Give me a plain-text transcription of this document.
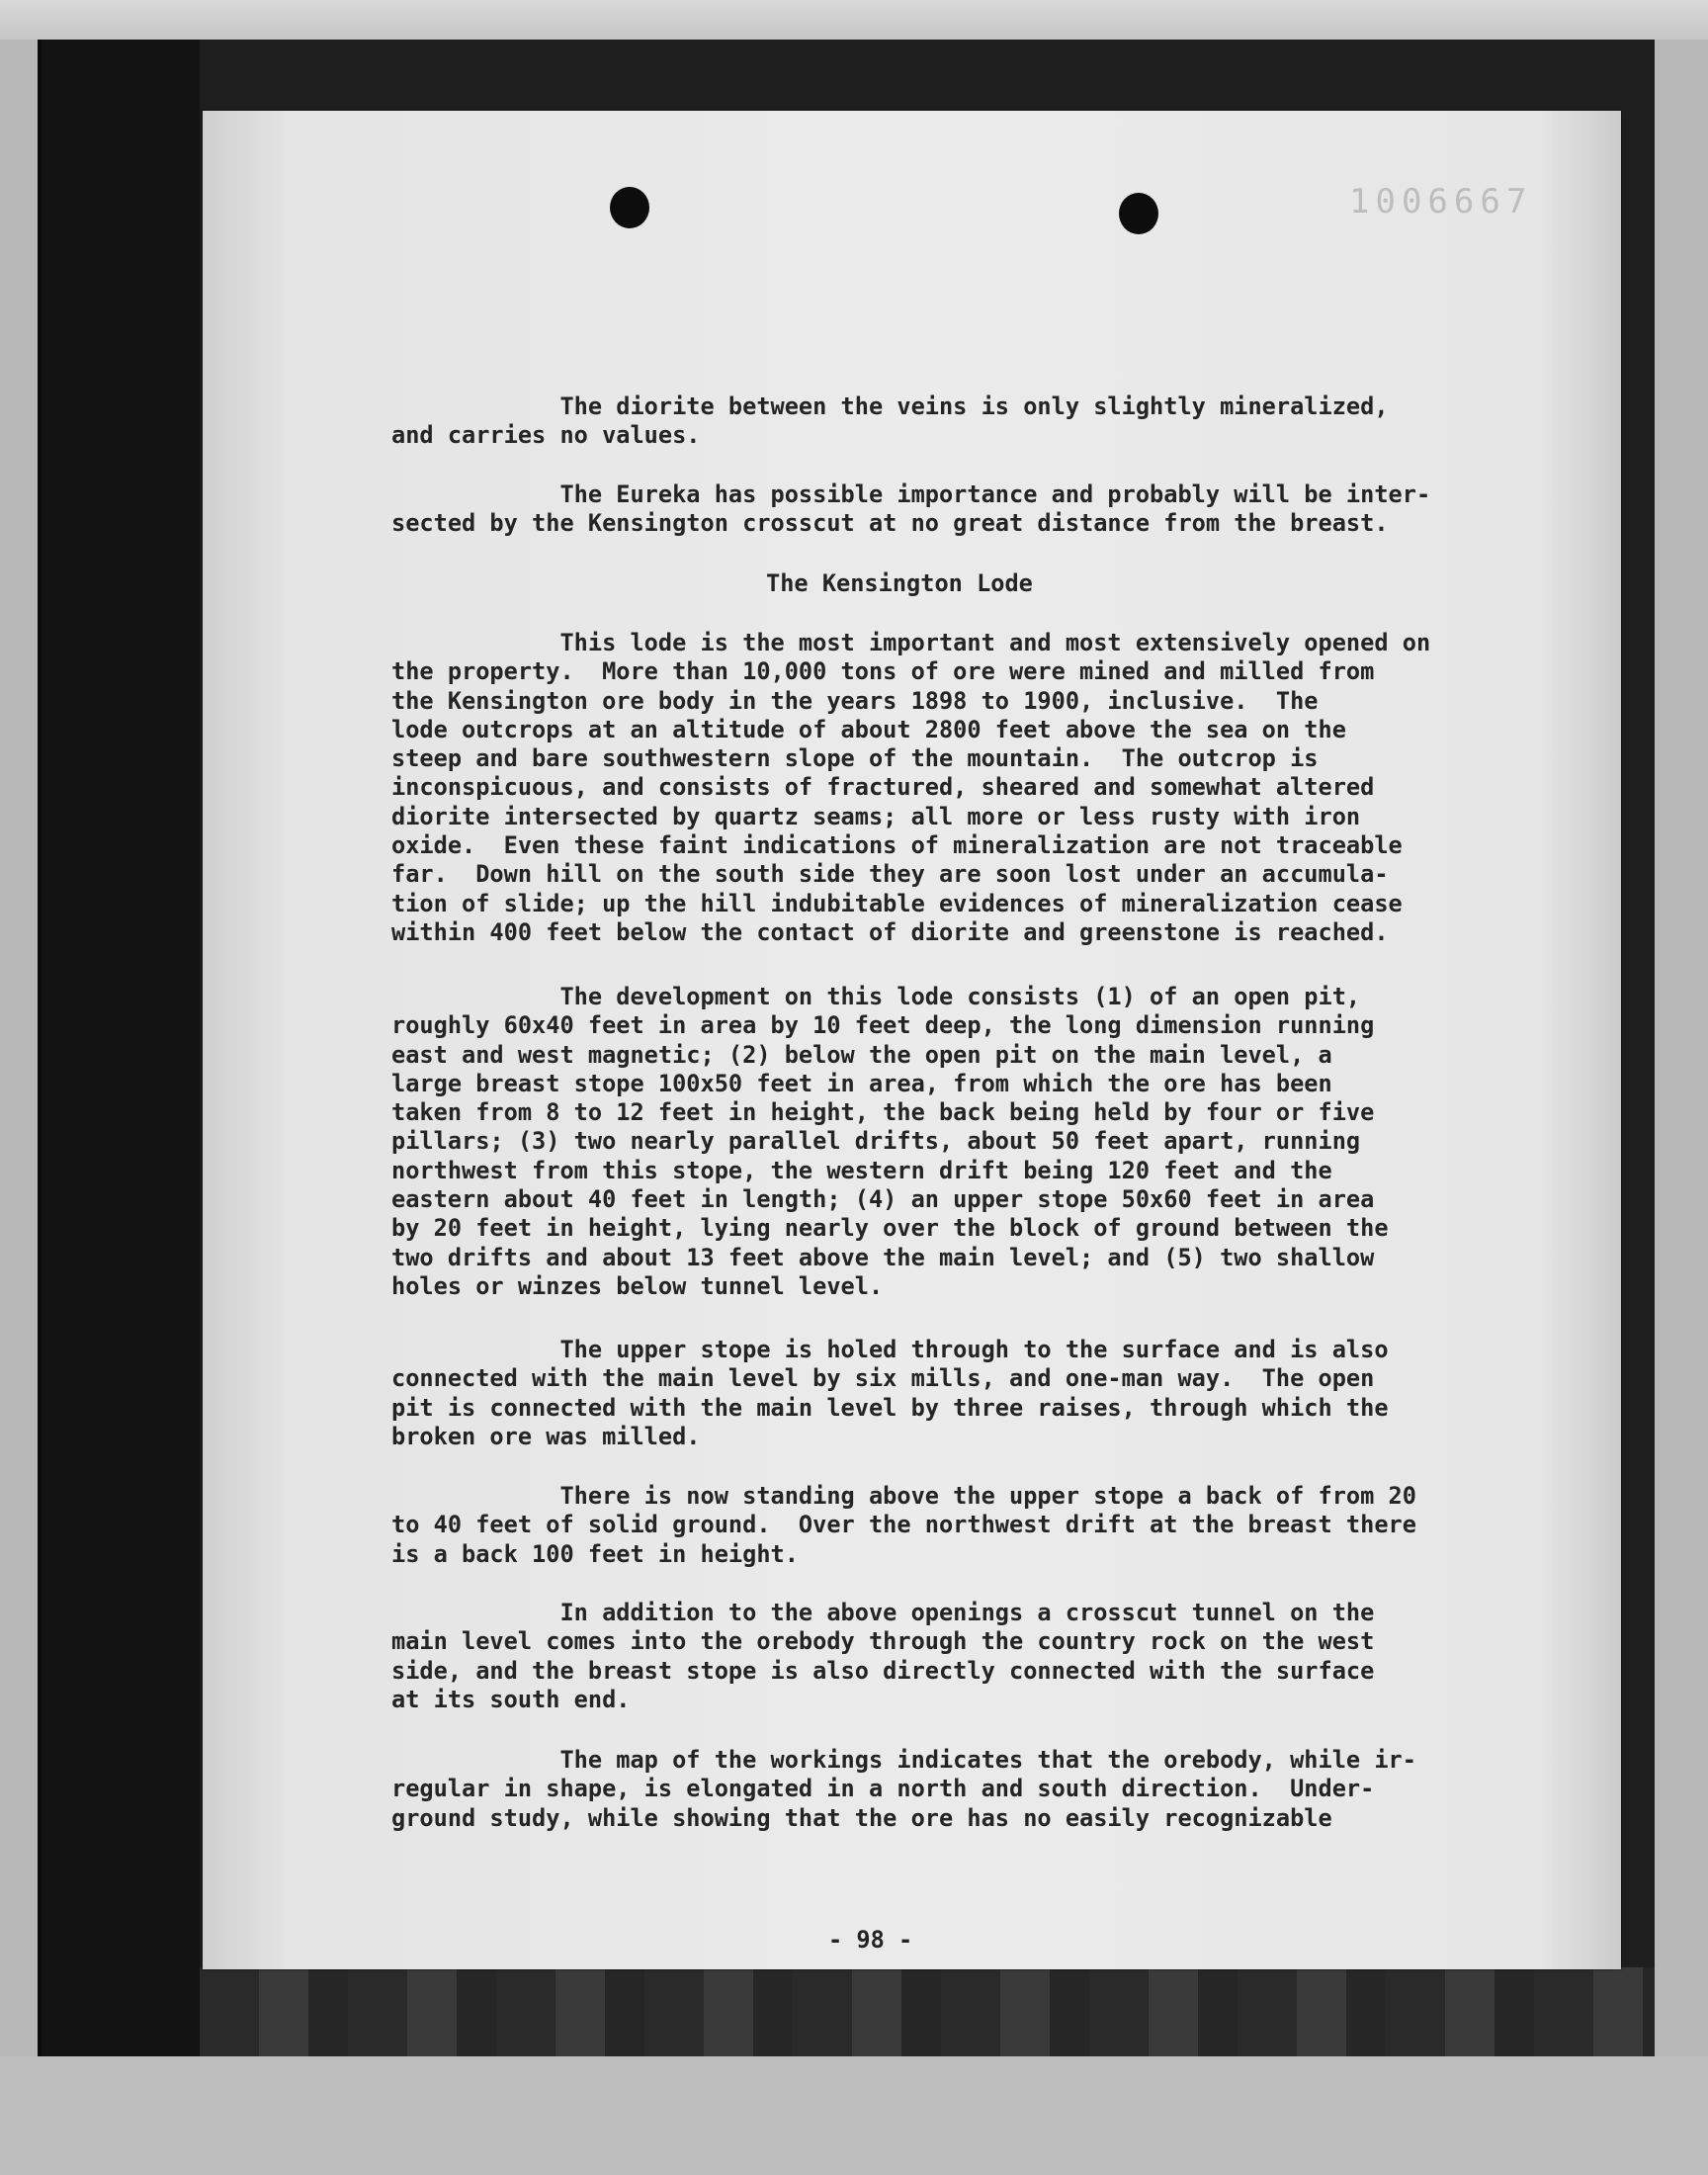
1006667

The diorite between the veins is only slightly mineralized,
and carries no values.

The Eureka has possible importance and probably will be inter-
sected by the Kensington crosscut at no great distance from the breast.

The Kensington Lode

This lode is the most important and most extensively opened on
the property.  More than 10,000 tons of ore were mined and milled from
the Kensington ore body in the years 1898 to 1900, inclusive.  The
lode outcrops at an altitude of about 2800 feet above the sea on the
steep and bare southwestern slope of the mountain.  The outcrop is
inconspicuous, and consists of fractured, sheared and somewhat altered
diorite intersected by quartz seams; all more or less rusty with iron
oxide.  Even these faint indications of mineralization are not traceable
far.  Down hill on the south side they are soon lost under an accumula-
tion of slide; up the hill indubitable evidences of mineralization cease
within 400 feet below the contact of diorite and greenstone is reached.

The development on this lode consists (1) of an open pit,
roughly 60x40 feet in area by 10 feet deep, the long dimension running
east and west magnetic; (2) below the open pit on the main level, a
large breast stope 100x50 feet in area, from which the ore has been
taken from 8 to 12 feet in height, the back being held by four or five
pillars; (3) two nearly parallel drifts, about 50 feet apart, running
northwest from this stope, the western drift being 120 feet and the
eastern about 40 feet in length; (4) an upper stope 50x60 feet in area
by 20 feet in height, lying nearly over the block of ground between the
two drifts and about 13 feet above the main level; and (5) two shallow
holes or winzes below tunnel level.

The upper stope is holed through to the surface and is also
connected with the main level by six mills, and one-man way.  The open
pit is connected with the main level by three raises, through which the
broken ore was milled.

There is now standing above the upper stope a back of from 20
to 40 feet of solid ground.  Over the northwest drift at the breast there
is a back 100 feet in height.

In addition to the above openings a crosscut tunnel on the
main level comes into the orebody through the country rock on the west
side, and the breast stope is also directly connected with the surface
at its south end.

The map of the workings indicates that the orebody, while ir-
regular in shape, is elongated in a north and south direction.  Under-
ground study, while showing that the ore has no easily recognizable

- 98 -
